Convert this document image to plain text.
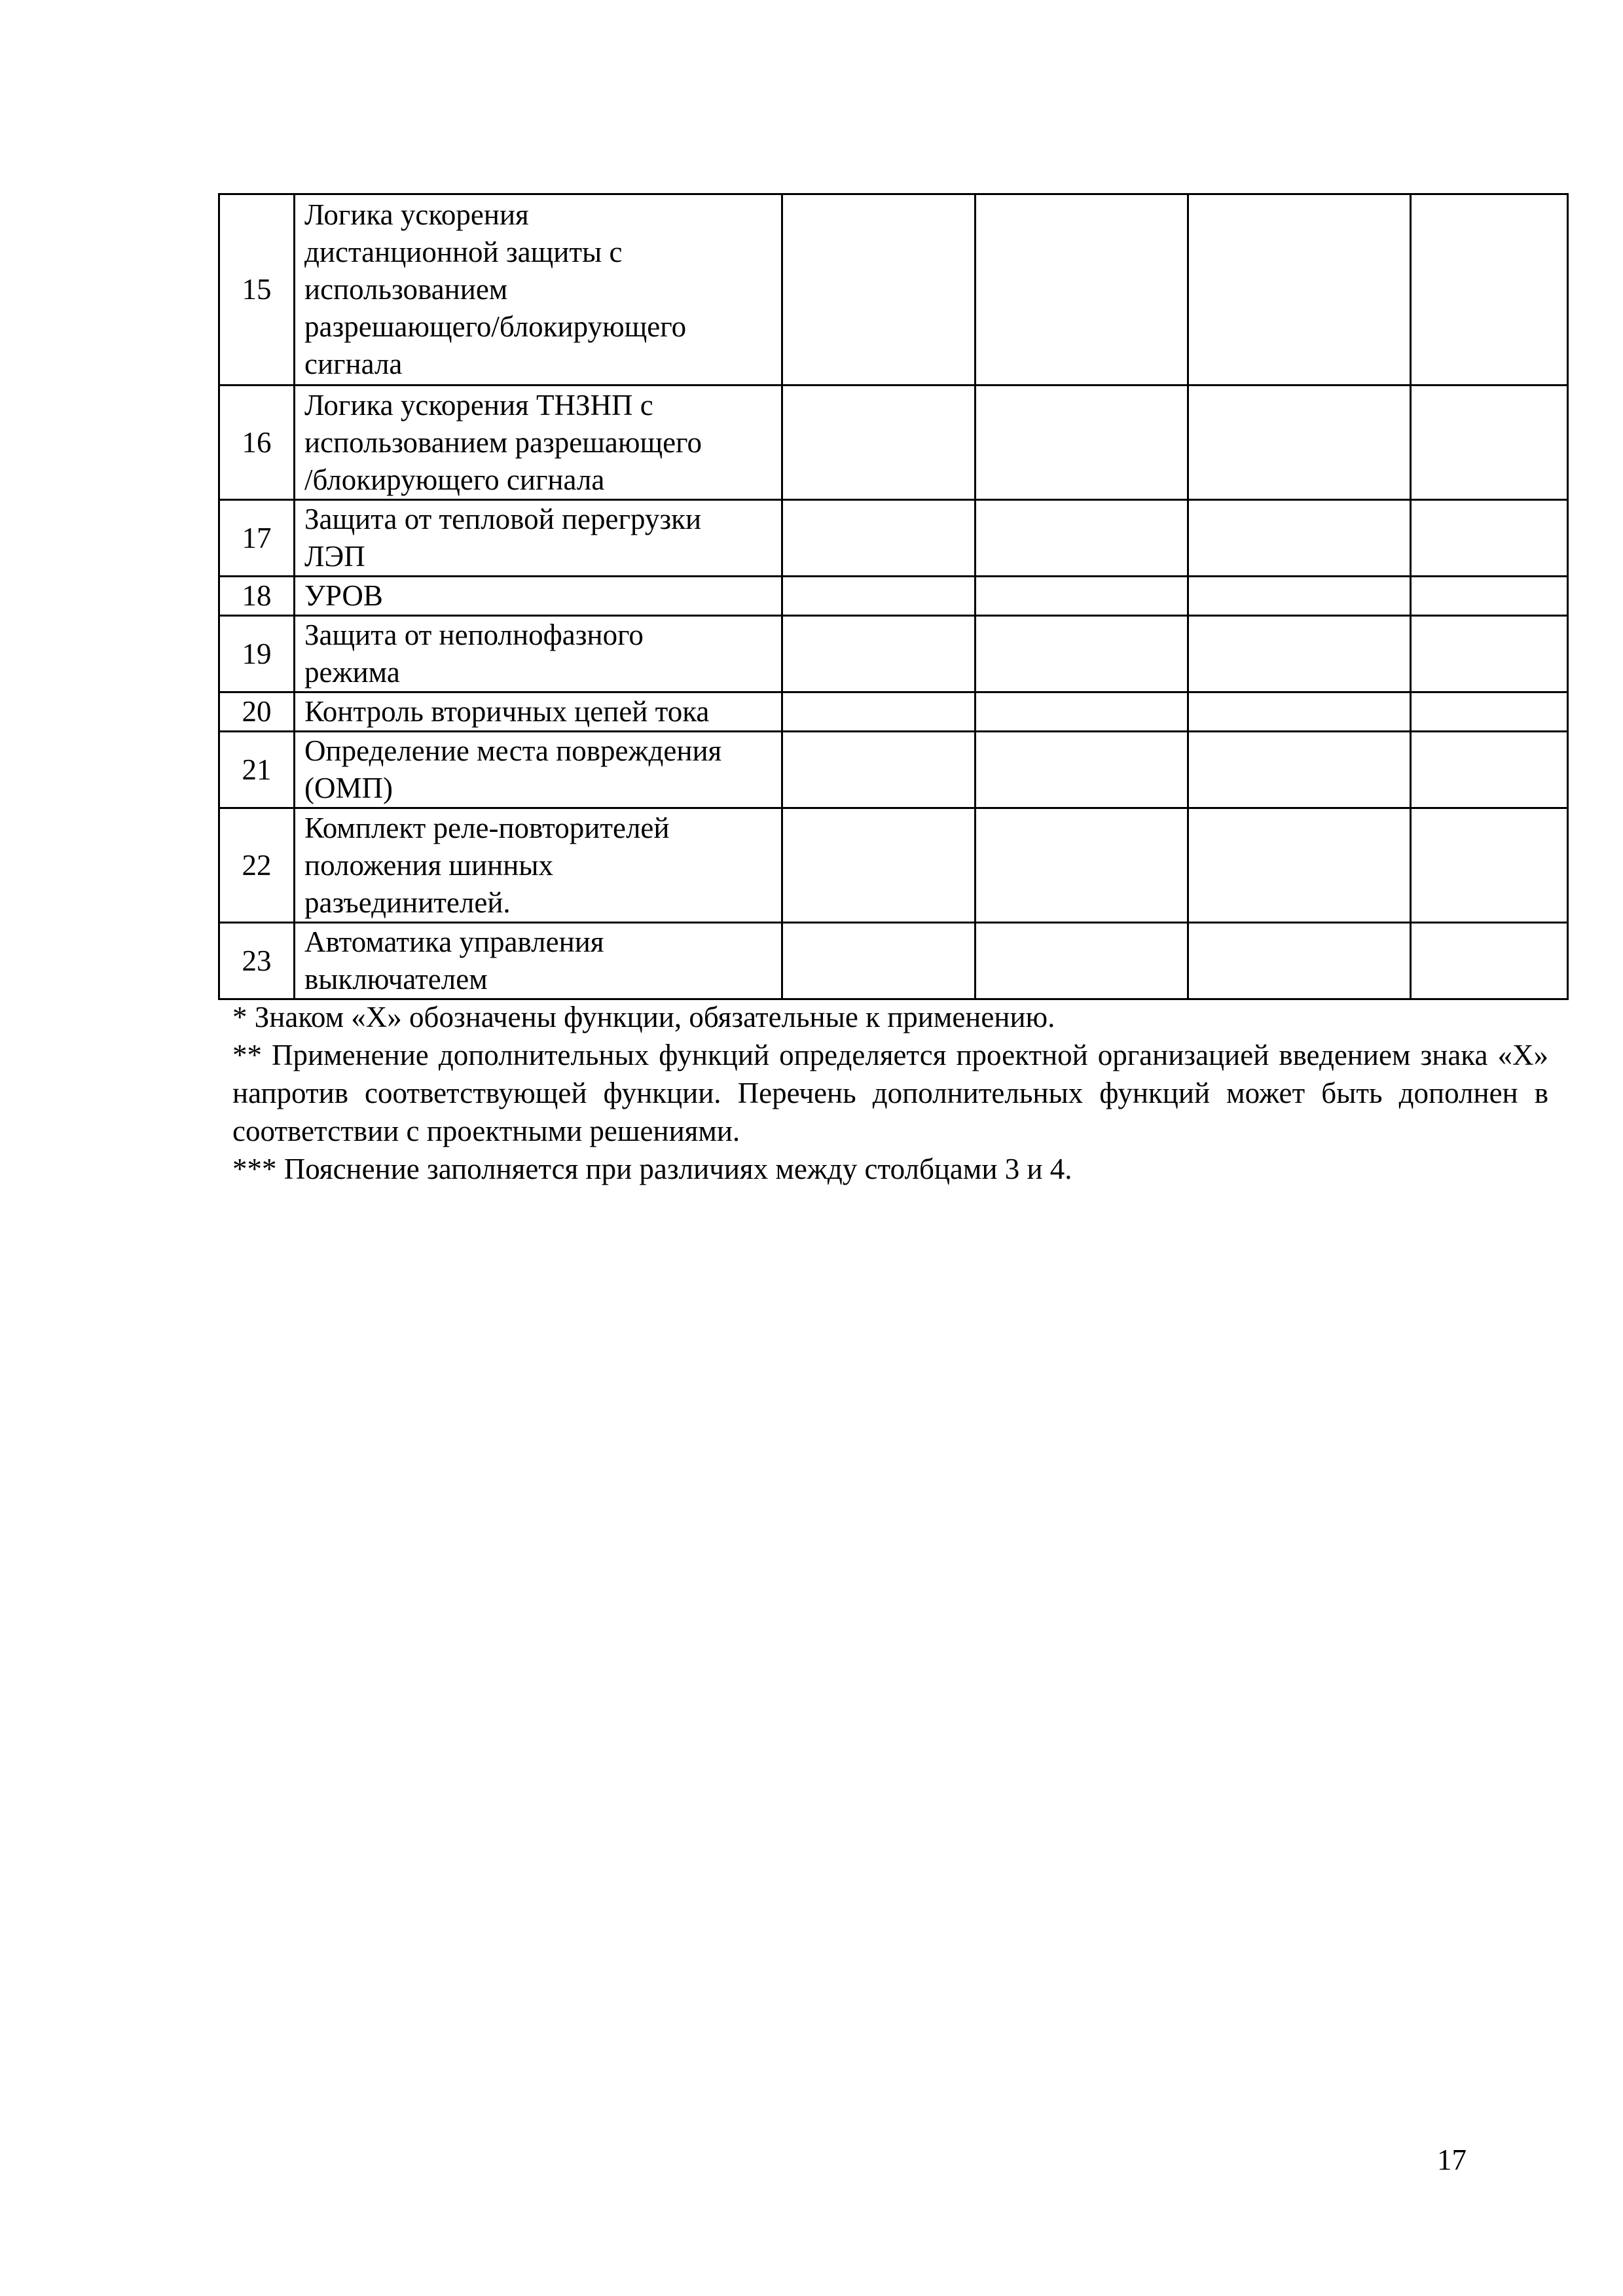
15	Логика ускорения
дистанционной защиты с
использованием
разрешающего/блокирующего
сигнала				

16	Логика ускорения ТНЗНП с
использованием разрешающего
/блокирующего сигнала				

17	Защита от тепловой перегрузки
ЛЭП				

18	УРОВ				

19	Защита от неполнофазного
режима				

20	Контроль вторичных цепей тока				

21	Определение места повреждения
(ОМП)				

22	Комплект реле-повторителей
положения шинных
разъединителей.				

23	Автоматика управления
выключателем				

* Знаком «Х» обозначены функции, обязательные к применению.

** Применение дополнительных функций определяется проектной организацией введением знака «Х» напротив соответствующей функции. Перечень дополнительных функций может быть дополнен в соответствии с проектными решениями.

*** Пояснение заполняется при различиях между столбцами 3 и 4.

17
